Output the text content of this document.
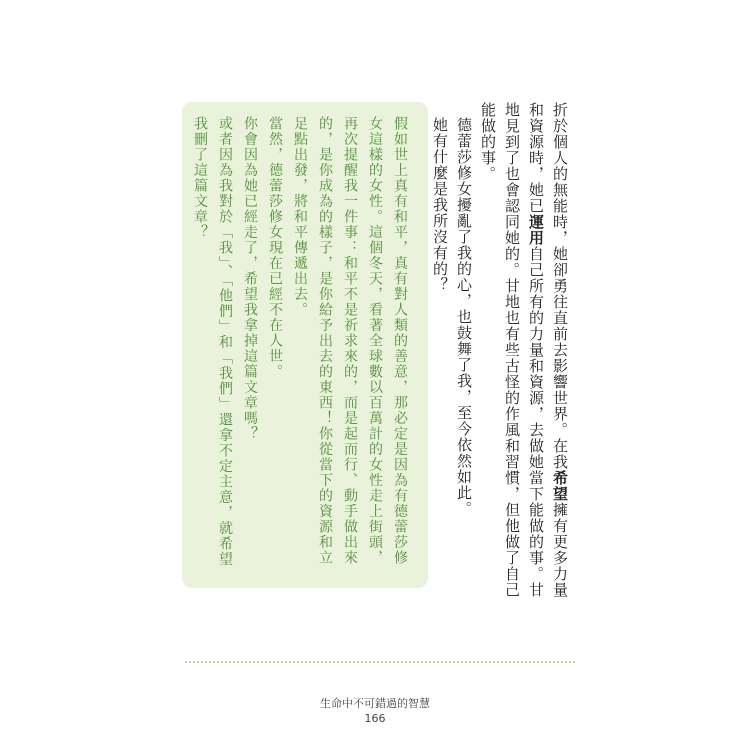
折於個人的無能時，她卻勇往直前去影響世界。在我希望擁有更多力量和資源時，她已運用自己所有的力量和資源，去做她當下能做的事。甘地見到了也會認同她的。甘地也有些古怪的作風和習慣，但他做了自己能做的事。

德蕾莎修女擾亂了我的心，也鼓舞了我，至今依然如此。

她有什麼是我所沒有的？

假如世上真有和平，真有對人類的善意，那必定是因為有德蕾莎修女這樣的女性。這個冬天，看著全球數以百萬計的女性走上街頭，再次提醒我一件事：和平不是祈求來的，而是起而行、動手做出來的，是你成為的樣子，是你給予出去的東西！你從當下的資源和立足點出發，將和平傳遞出去。

當然，德蕾莎修女現在已經不在人世。

你會因為她已經走了，希望我拿掉這篇文章嗎？

或者因為我對於「我」、「他們」和「我們」還拿不定主意，就希望我刪了這篇文章？

生命中不可錯過的智慧
166
